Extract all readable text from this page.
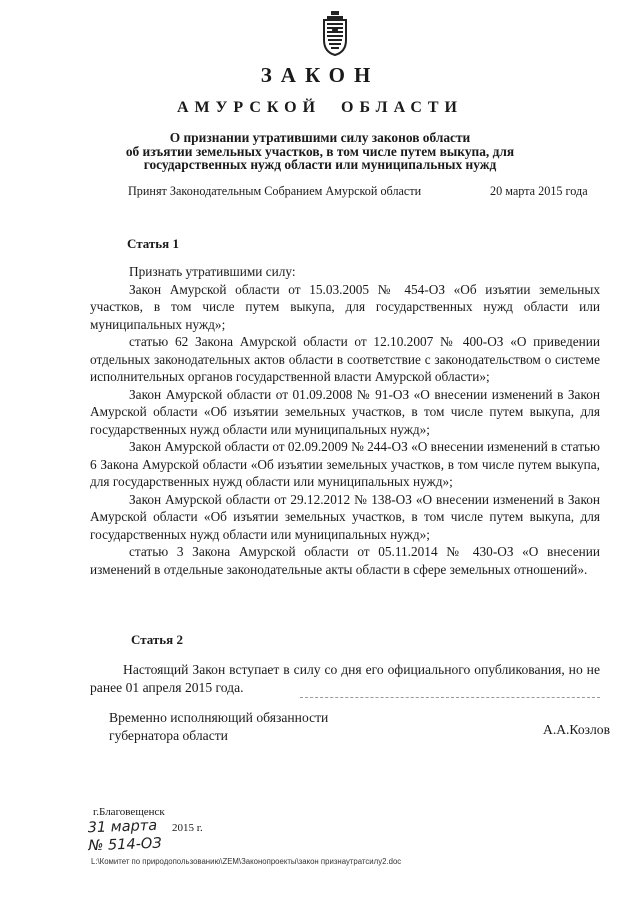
ЗАКОН
АМУРСКОЙ ОБЛАСТИ
О признании утратившими силу законов области
об изъятии земельных участков, в том числе путем выкупа, для
государственных нужд области или муниципальных нужд
Принят Законодательным Собранием Амурской области	20 марта 2015 года
Статья 1

Признать утратившими силу:

Закон Амурской области от 15.03.2005 № 454-ОЗ «Об изъятии земельных участков, в том числе путем выкупа, для государственных нужд области или муниципальных нужд»;

статью 62 Закона Амурской области от 12.10.2007 № 400-ОЗ «О приведении отдельных законодательных актов области в соответствие с законодательством о системе исполнительных органов государственной власти Амурской области»;

Закон Амурской области от 01.09.2008 № 91-ОЗ «О внесении изменений в Закон Амурской области «Об изъятии земельных участков, в том числе путем выкупа, для государственных нужд области или муниципальных нужд»;

Закон Амурской области от 02.09.2009 № 244-ОЗ «О внесении изменений в статью 6 Закона Амурской области «Об изъятии земельных участков, в том числе путем выкупа, для государственных нужд области или муниципальных нужд»;

Закон Амурской области от 29.12.2012 № 138-ОЗ «О внесении изменений в Закон Амурской области «Об изъятии земельных участков, в том числе путем выкупа, для государственных нужд области или муниципальных нужд»;

статью 3 Закона Амурской области от 05.11.2014 № 430-ОЗ «О внесении изменений в отдельные законодательные акты области в сфере земельных отношений».

Статья 2

Настоящий Закон вступает в силу со дня его официального опубликования, но не ранее 01 апреля 2015 года.

Временно исполняющий обязанности
губернатора области	А.А.Козлов
г.Благовещенск
31 марта
№ 514-ОЗ
2015 г.
L:\Комитет по природопользованию\ZEM\Законопроекты\закон признаутратсилу2.doc
